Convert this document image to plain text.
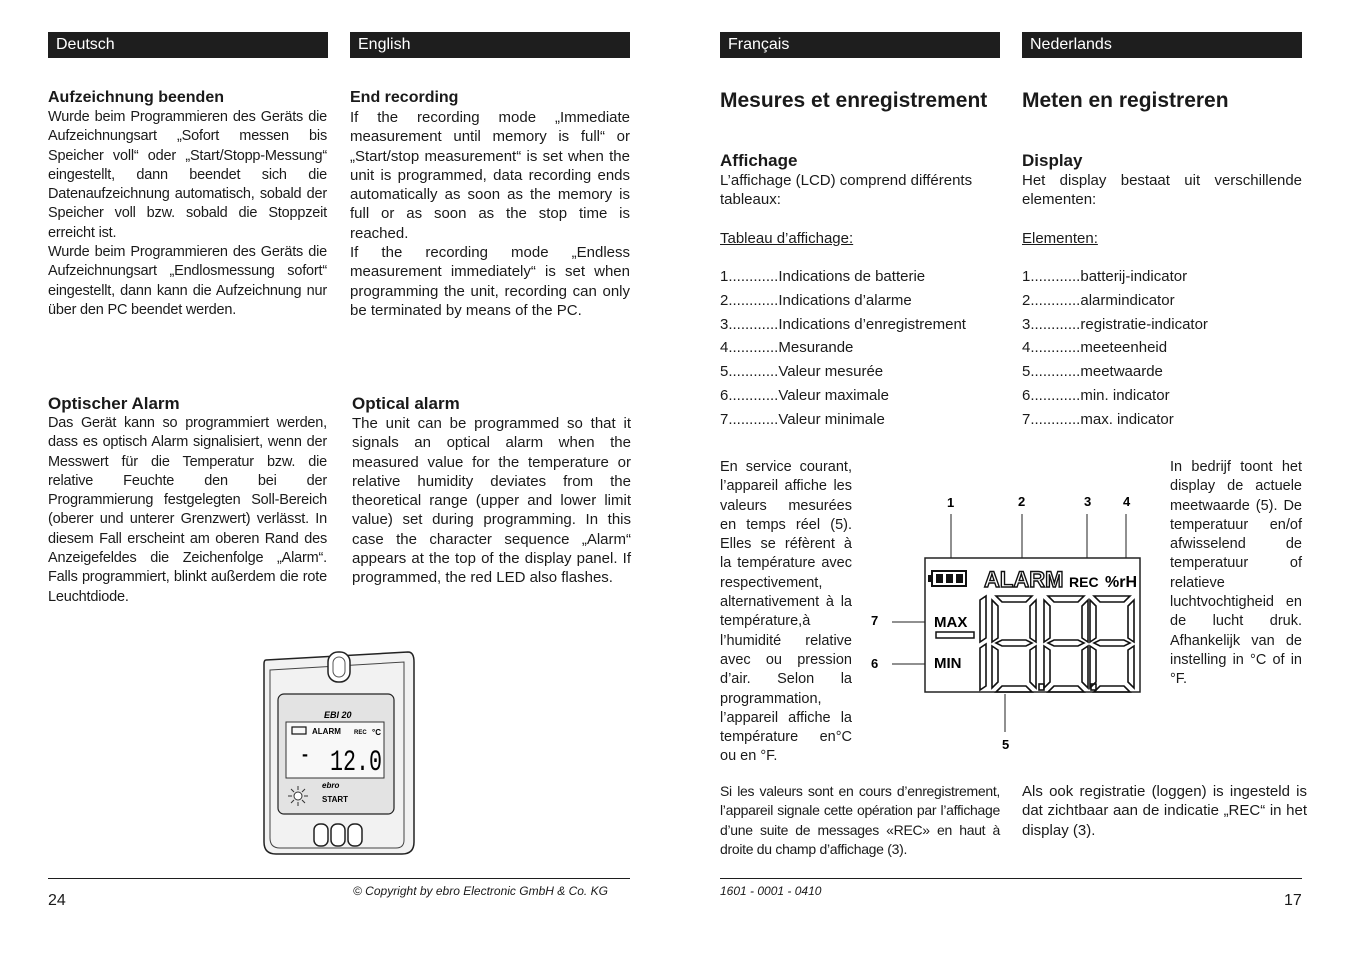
Deutsch	English
Aufzeichnung beenden

Wurde beim Programmieren des Geräts die Aufzeichnungsart „Sofort messen bis Speicher voll“ oder „Start/Stopp-Messung“ eingestellt, dann beendet sich die Datenaufzeichnung automatisch, sobald der Speicher voll bzw. sobald die Stoppzeit erreicht ist.

Wurde beim Programmieren des Geräts die Aufzeichnungsart „Endlosmessung sofort“ eingestellt, dann kann die Aufzeichnung nur über den PC beendet werden.

Optischer Alarm
Das Gerät kann so programmiert werden, dass es optisch Alarm signalisiert, wenn der Messwert für die Temperatur bzw. die relative Feuchte den bei der Programmierung festgelegten Soll-Bereich (oberer und unterer Grenzwert) verlässt. In diesem Fall erscheint am oberen Rand des Anzeigefeldes die Zeichenfolge „Alarm“. Falls programmiert, blinkt außerdem die rote Leuchtdiode.
End recording

If the recording mode „Immediate measurement until memory is full“ or „Start/stop measurement“ is set when the unit is programmed, data recording ends automatically as soon as the memory is full or as soon as the stop time is reached.

If the recording mode „Endless measurement immediately“ is set when programming the unit, recording can only be terminated by means of the PC.

Optical alarm
The unit can be programmed so that it signals an optical alarm when the measured value for the temperature or relative humidity deviates from the theoretical range (upper and lower limit value) set during programming. In this case the character sequence „Alarm“ appears at the top of the display panel. If programmed, the red LED also flashes.
EBI 20
ALARM REC °C
- 12.0
ebro
START
24
© Copyright by ebro Electronic GmbH & Co. KG
Français	Nederlands
Mesures et enregistrement
Affichage
L’affichage (LCD) comprend différents tableaux:
Tableau d’affichage:
1............Indications de batterie
2............Indications d’alarme
3............Indications d’enregistrement
4............Mesurande
5............Valeur mesurée
6............Valeur maximale
7............Valeur minimale
En service courant, l’appareil affiche les valeurs mesurées en temps réel (5). Elles se réfèrent à la température avec respectivement, alternativement à la température,à l’humidité relative avec ou pression d’air. Selon la programmation, l’appareil affiche la température en°C ou en °F.
Si les valeurs sont en cours d’enregistrement, l’appareil signale cette opération par l’affichage d’une suite de messages «REC» en haut à droite du champ d’affichage (3).
Meten en registreren
Display
Het display bestaat uit verschillende elementen:
Elementen:
1............batterij-indicator
2............alarmindicator
3............registratie-indicator
4............meeteenheid
5............meetwaarde
6............min. indicator
7............max. indicator
In bedrijf toont het display de actuele meetwaarde (5). De temperatuur en/of afwisselend de temperatuur of relatieve luchtvochtigheid en de lucht druk. Afhankelijk van de instelling in °C of in °F.
Als ook registratie (loggen) is ingesteld is dat zichtbaar aan de indicatie „REC“ in het display (3).
1	2	3 4
5
6
7
ALARM REC %rH
MAX
MIN
1601 - 0001 - 0410
17
